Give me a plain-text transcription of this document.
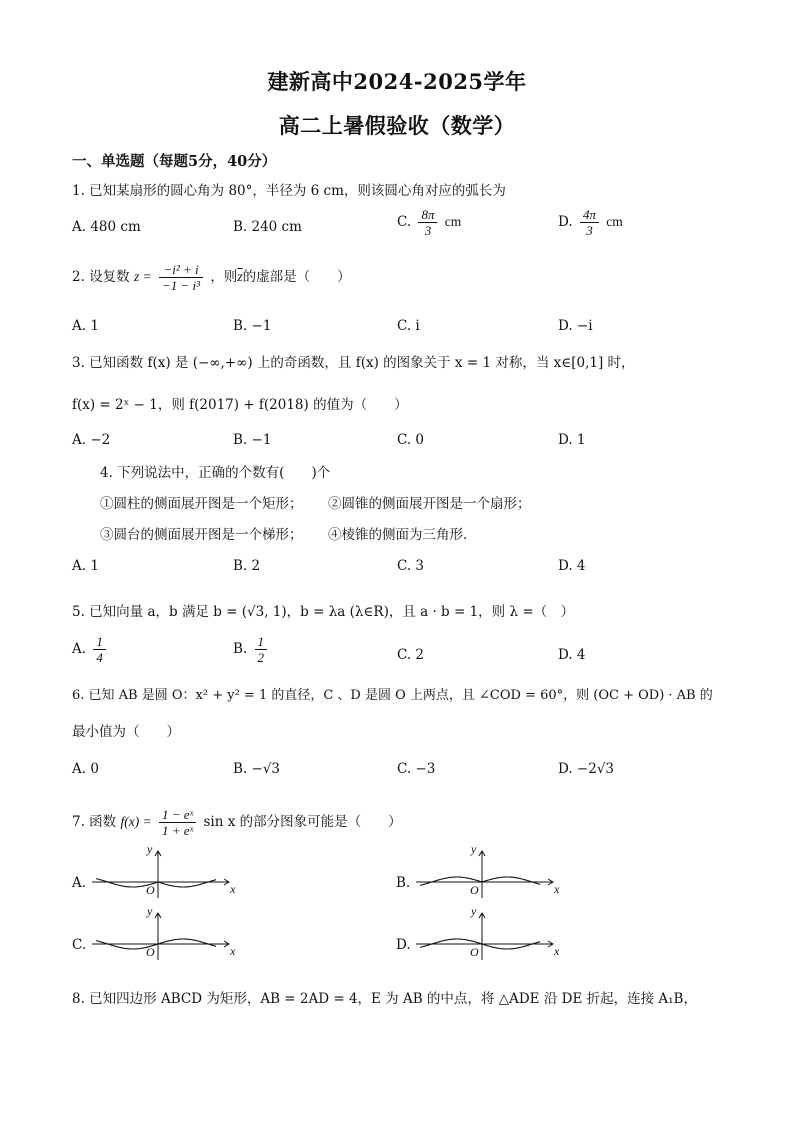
建新高中2024-2025学年
高二上暑假验收（数学）
一、单选题（每题5分，40分）
1. 已知某扇形的圆心角为 80°，半径为 6 cm，则该圆心角对应的弧长为
A. 480 cm	B. 240 cm	C. $\frac{8\pi}{3}$ cm	D. $\frac{4\pi}{3}$ cm
2. 设复数 $z = \frac{\text{−i² + i}}{\text{−1 − i³}}$ ，则$\overline{z}$的虚部是（　　）
A. 1	B. −1	C. i	D. −i
3. 已知函数 f(x) 是 (−∞,+∞) 上的奇函数，且 f(x) 的图象关于 x = 1 对称，当 x∈[0,1] 时，
f(x) = 2ˣ − 1，则 f(2017) + f(2018) 的值为（　　）
A. −2	B. −1	C. 0	D. 1
4. 下列说法中，正确的个数有(　　)个
①圆柱的侧面展开图是一个矩形； ②圆锥的侧面展开图是一个扇形；
③圆台的侧面展开图是一个梯形； ④棱锥的侧面为三角形．
A. 1	B. 2	C. 3	D. 4
5. 已知向量 a，b 满足 b = (√3, 1)，b = λa (λ∈R)，且 a · b = 1，则 λ =（　）
A. $\frac{1}{4}$	B. $\frac{1}{2}$	C. 2	D. 4
6. 已知 AB 是圆 O：x² + y² = 1 的直径，C 、D 是圆 O 上两点，且 ∠COD = 60°，则 (OC + OD) · AB 的
最小值为（　　）
A. 0	B. −√3	C. −3	D. −2√3
7. 函数 $f(x) = \frac{\text{1 − eˣ}}{\text{1 + eˣ}}$ sin x 的部分图象可能是（　　）
A.	B.
C.	D.
y
x
O
y
x
O
y
x
O
y
x
O
8. 已知四边形 ABCD 为矩形，AB = 2AD = 4，E 为 AB 的中点，将 △ADE 沿 DE 折起，连接 A₁B，
